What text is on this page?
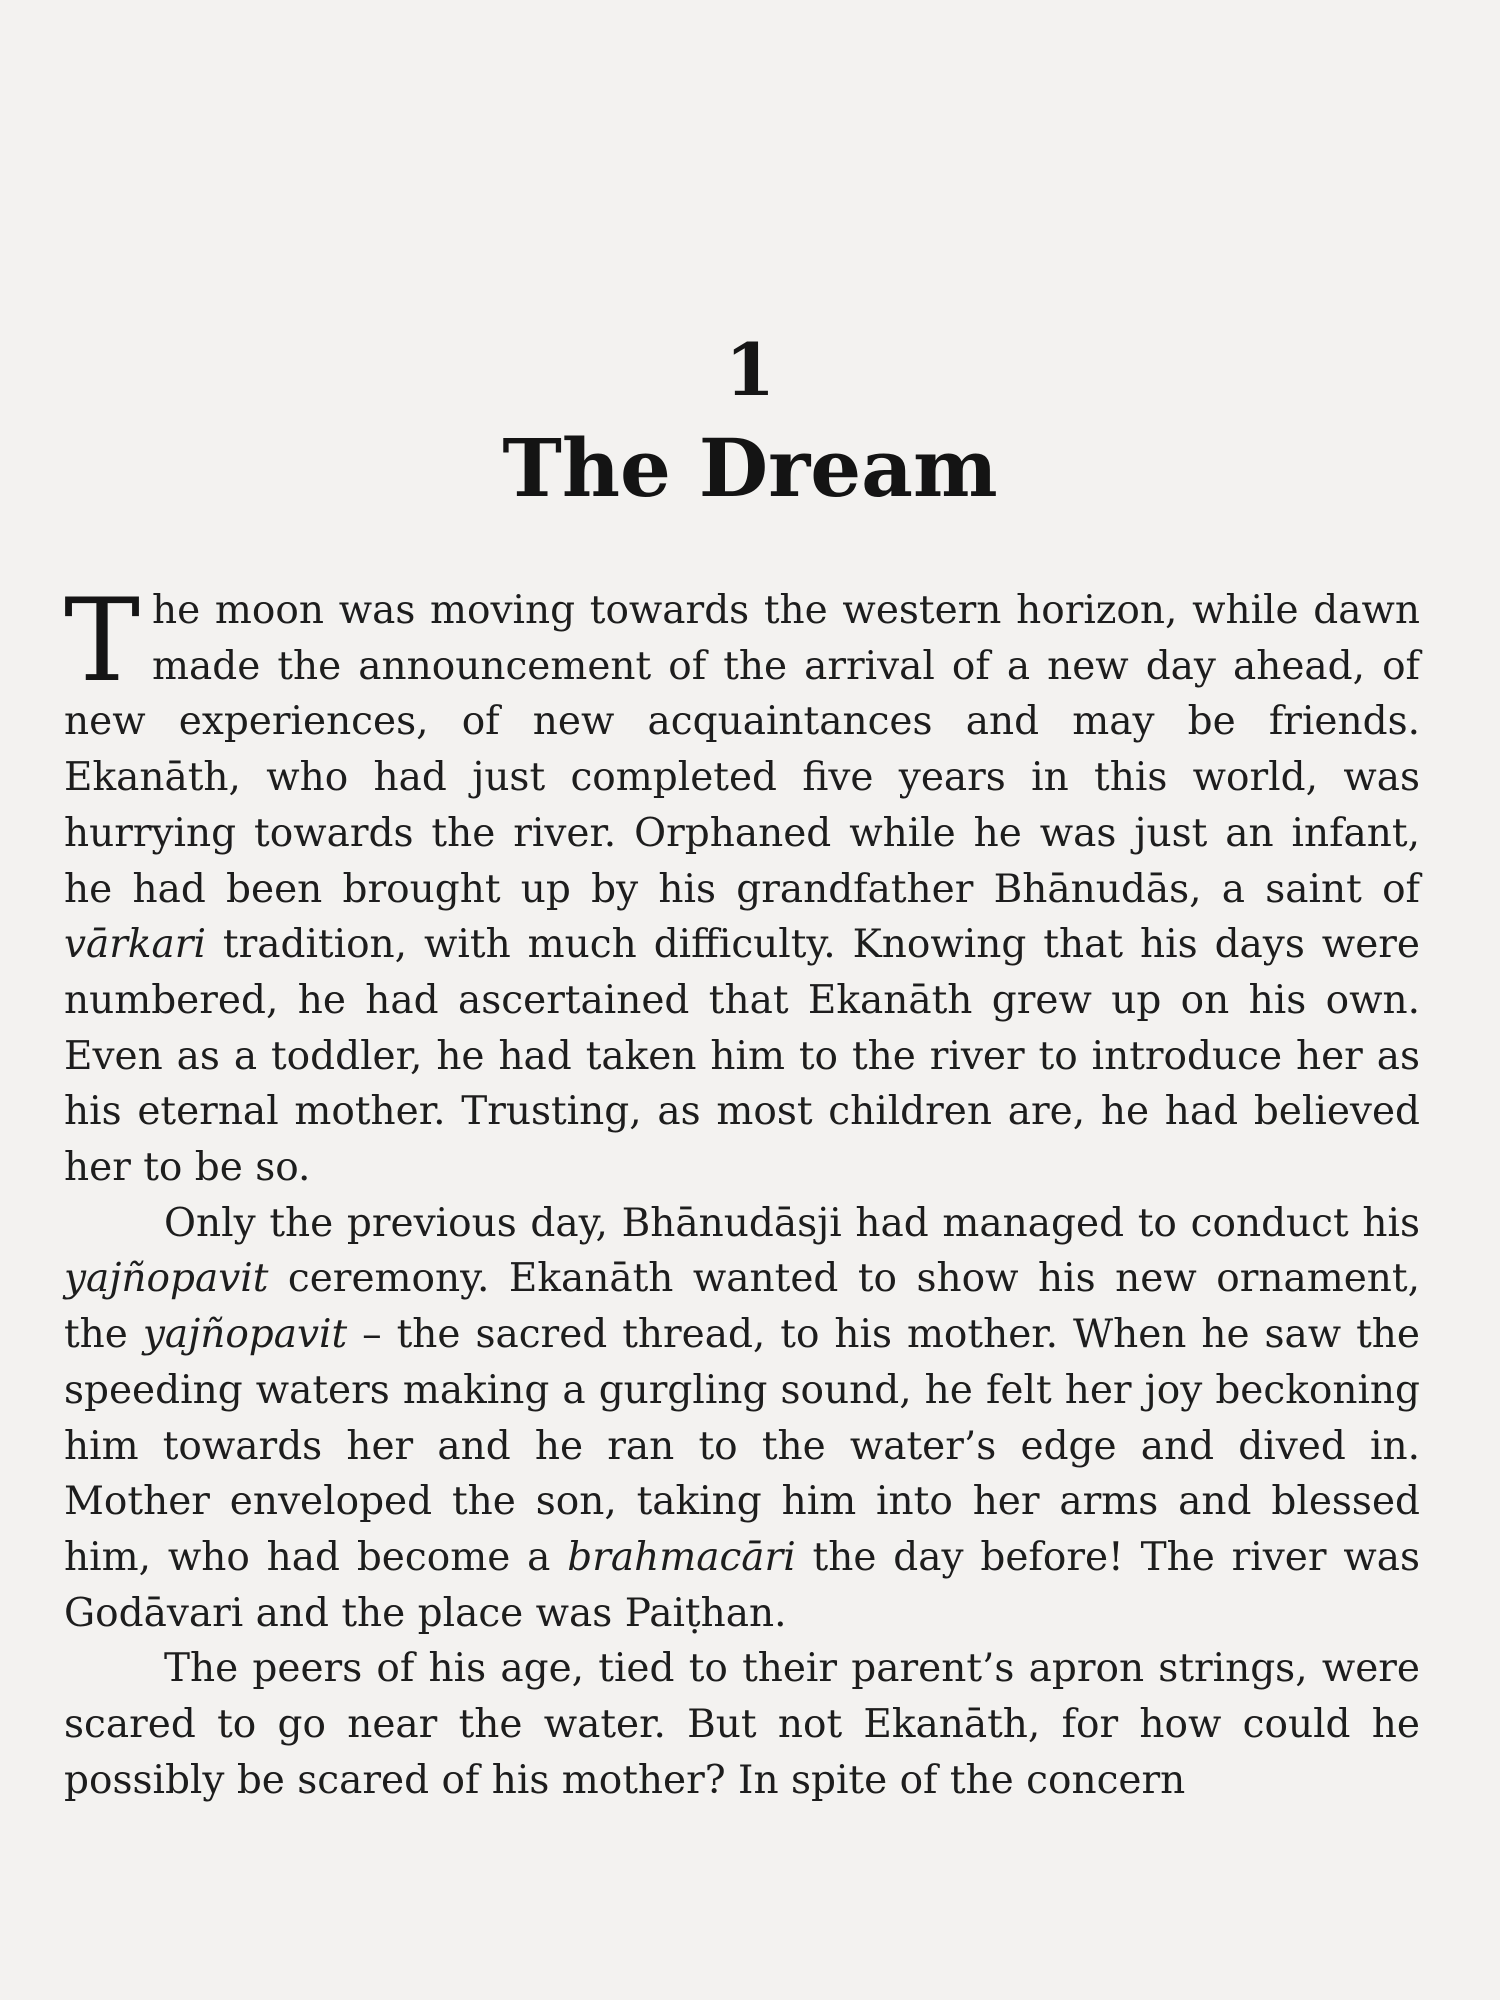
1
The Dream

The moon was moving towards the western horizon, while dawn made the announcement of the arrival of a new day ahead, of new experiences, of new acquaintances and may be friends. Ekanāth, who had just completed five years in this world, was hurrying towards the river. Orphaned while he was just an infant, he had been brought up by his grandfather Bhānudās, a saint of vārkari tradition, with much difficulty. Knowing that his days were numbered, he had ascertained that Ekanāth grew up on his own. Even as a toddler, he had taken him to the river to introduce her as his eternal mother. Trusting, as most children are, he had believed her to be so.

Only the previous day, Bhānudāsji had managed to conduct his yajñopavit ceremony. Ekanāth wanted to show his new ornament, the yajñopavit – the sacred thread, to his mother. When he saw the speeding waters making a gurgling sound, he felt her joy beckoning him towards her and he ran to the water’s edge and dived in. Mother enveloped the son, taking him into her arms and blessed him, who had become a brahmacāri the day before! The river was Godāvari and the place was Paiṭhan.

The peers of his age, tied to their parent’s apron strings, were scared to go near the water. But not Ekanāth, for how could he possibly be scared of his mother? In spite of the concern
